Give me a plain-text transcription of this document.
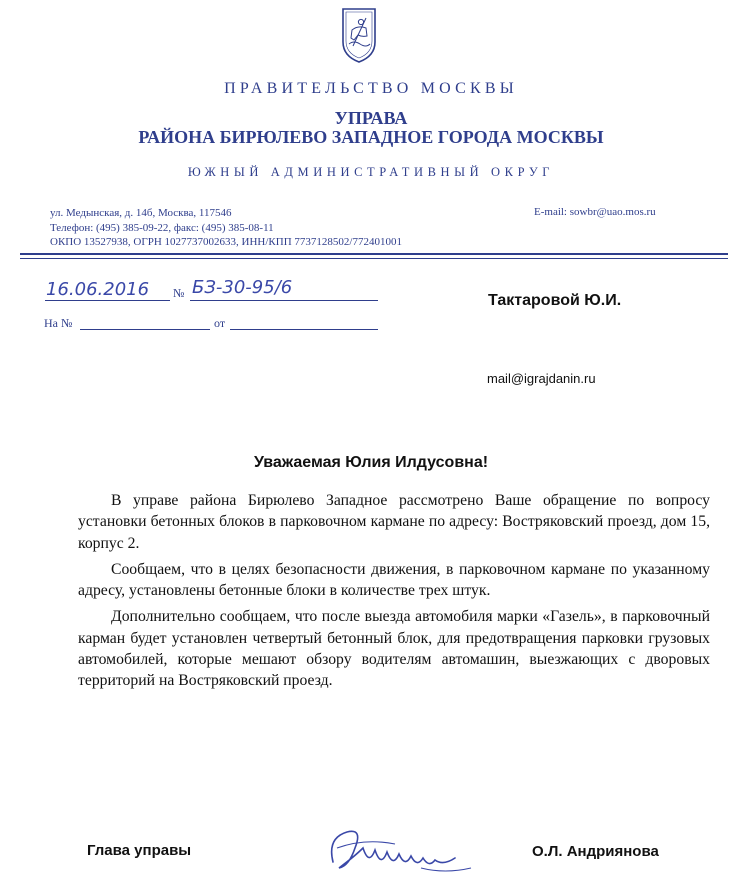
ПРАВИТЕЛЬСТВО МОСКВЫ
УПРАВА
РАЙОНА БИРЮЛЕВО ЗАПАДНОЕ ГОРОДА МОСКВЫ
ЮЖНЫЙ АДМИНИСТРАТИВНЫЙ ОКРУГ
ул. Медынская, д. 14б, Москва, 117546
Телефон: (495) 385-09-22, факс: (495) 385-08-11
ОКПО 13527938, ОГРН 1027737002633, ИНН/КПП 7737128502/772401001
E-mail: sowbr@uao.mos.ru
16.06.2016 № БЗ-30-95/6
На №	от
Тактаровой Ю.И.
mail@igrajdanin.ru
Уважаемая Юлия Илдусовна!

В управе района Бирюлево Западное рассмотрено Ваше обращение по вопросу установки бетонных блоков в парковочном кармане по адресу: Востряковский проезд, дом 15, корпус 2.

Сообщаем, что в целях безопасности движения, в парковочном кармане по указанному адресу, установлены бетонные блоки в количестве трех штук.

Дополнительно сообщаем, что после выезда автомобиля марки «Газель», в парковочный карман будет установлен четвертый бетонный блок, для предотвращения парковки грузовых автомобилей, которые мешают обзору водителям автомашин, выезжающих с дворовых территорий на Востряковский проезд.

Глава управы	О.Л. Андриянова
